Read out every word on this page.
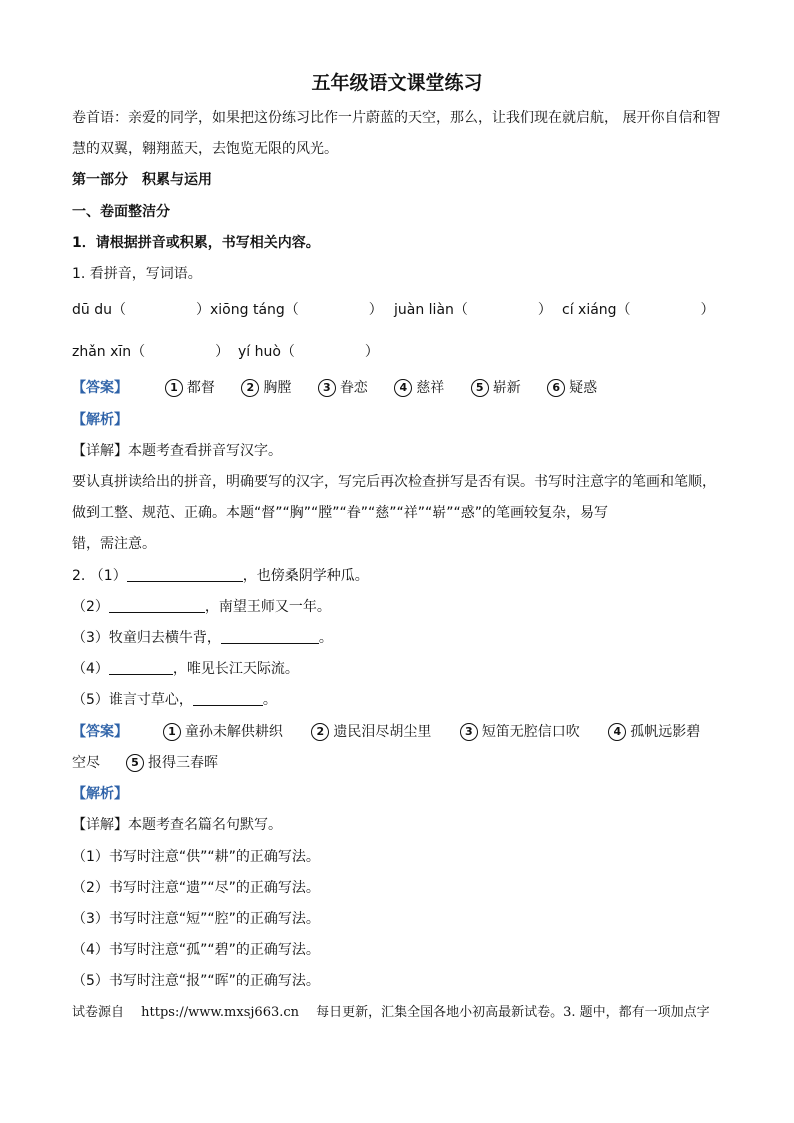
五年级语文课堂练习
卷首语：亲爱的同学，如果把这份练习比作一片蔚蓝的天空，那么，让我们现在就启航， 展开你自信和智
慧的双翼，翱翔蓝天，去饱览无限的风光。
第一部分　积累与运用
一、卷面整洁分
1．请根据拼音或积累，书写相关内容。
1. 看拼音，写词语。
dū du（　　　　　） xiōng táng（　　　　　） juàn liàn（　　　　　） cí xiáng（　　　　　）
zhǎn xīn（　　　　　） yí huò（　　　　　）
【答案】	1 都督	2 胸膛	3 眷恋	4 慈祥	5 崭新	6 疑惑
【解析】
【详解】本题考查看拼音写汉字。
要认真拼读给出的拼音，明确要写的汉字，写完后再次检查拼写是否有误。书写时注意字的笔画和笔顺，
做到工整、规范、正确。本题“督”“胸”“膛”“眷”“慈”“祥”“崭”“惑”的笔画较复杂，易写
错，需注意。
2. （1）	，也傍桑阴学种瓜。
（2）	，南望王师又一年。
（3）牧童归去横牛背，	。
（4）	，唯见长江天际流。
（5）谁言寸草心，	。
【答案】	1 童孙未解供耕织	2 遗民泪尽胡尘里	3 短笛无腔信口吹	4 孤帆远影碧
空尽	5 报得三春晖
【解析】
【详解】本题考查名篇名句默写。
（1）书写时注意“供”“耕”的正确写法。
（2）书写时注意“遗”“尽”的正确写法。
（3）书写时注意“短”“腔”的正确写法。
（4）书写时注意“孤”“碧”的正确写法。
（5）书写时注意“报”“晖”的正确写法。
试卷源自　 https://www.mxsj663.cn　 每日更新，汇集全国各地小初高最新试卷。3. 题中，都有一项加点字
